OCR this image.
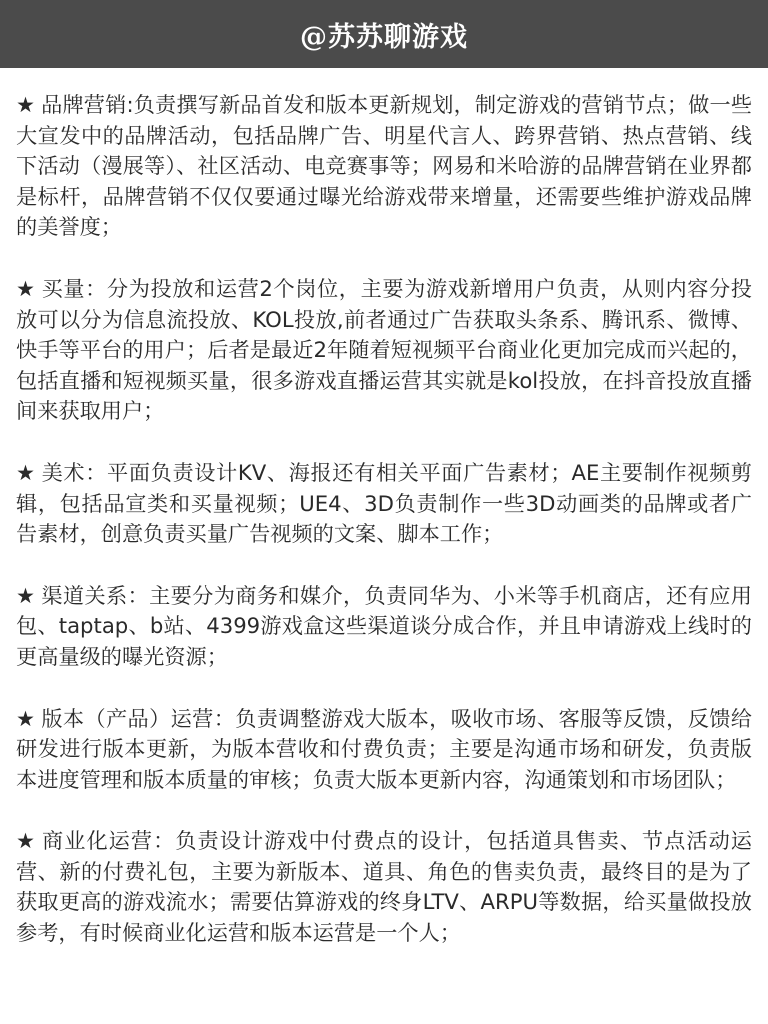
@苏苏聊游戏

★ 品牌营销:负责撰写新品首发和版本更新规划，制定游戏的营销节点；做一些大宣发中的品牌活动，包括品牌广告、明星代言人、跨界营销、热点营销、线下活动（漫展等）、社区活动、电竞赛事等；网易和米哈游的品牌营销在业界都是标杆，品牌营销不仅仅要通过曝光给游戏带来增量，还需要些维护游戏品牌的美誉度；

★ 买量：分为投放和运营2个岗位，主要为游戏新增用户负责，从则内容分投放可以分为信息流投放、KOL投放,前者通过广告获取头条系、腾讯系、微博、快手等平台的用户；后者是最近2年随着短视频平台商业化更加完成而兴起的，包括直播和短视频买量，很多游戏直播运营其实就是kol投放，在抖音投放直播间来获取用户；

★ 美术：平面负责设计KV、海报还有相关平面广告素材；AE主要制作视频剪辑，包括品宣类和买量视频；UE4、3D负责制作一些3D动画类的品牌或者广告素材，创意负责买量广告视频的文案、脚本工作；

★ 渠道关系：主要分为商务和媒介，负责同华为、小米等手机商店，还有应用包、taptap、b站、4399游戏盒这些渠道谈分成合作，并且申请游戏上线时的更高量级的曝光资源；

★ 版本（产品）运营：负责调整游戏大版本，吸收市场、客服等反馈，反馈给研发进行版本更新，为版本营收和付费负责；主要是沟通市场和研发，负责版本进度管理和版本质量的审核；负责大版本更新内容，沟通策划和市场团队；

★ 商业化运营：负责设计游戏中付费点的设计，包括道具售卖、节点活动运营、新的付费礼包，主要为新版本、道具、角色的售卖负责，最终目的是为了获取更高的游戏流水；需要估算游戏的终身LTV、ARPU等数据，给买量做投放参考，有时候商业化运营和版本运营是一个人；
